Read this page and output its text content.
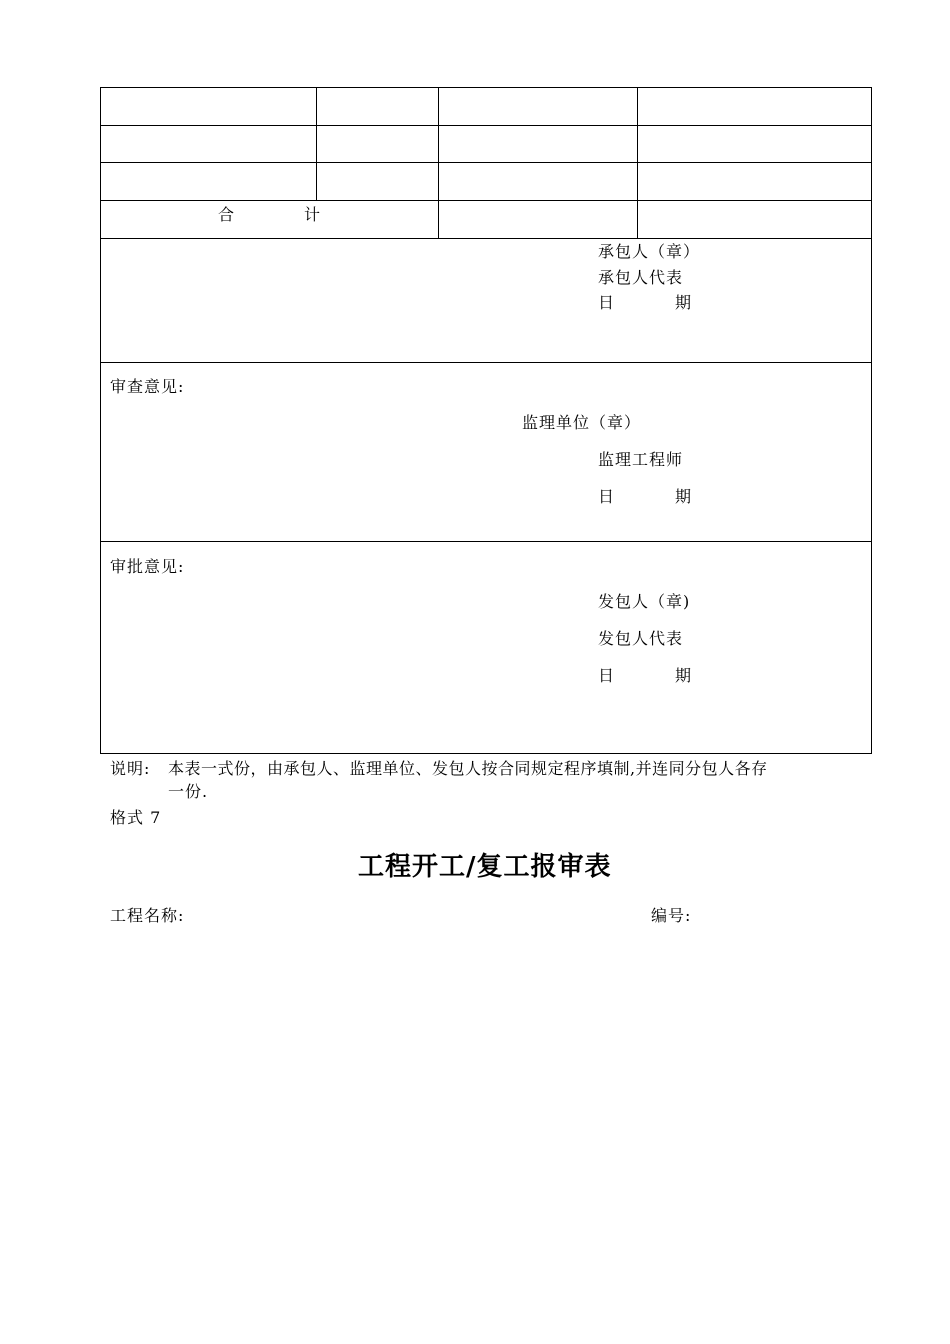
合	计
承包人（章）
承包人代表
日	期
审查意见:
监理单位（章）
监理工程师
日	期
审批意见:
发包人（章)
发包人代表
日	期
说明: 本表一式份，由承包人、监理单位、发包人按合同规定程序填制,并连同分包人各存
一份.
格式 7
工程开工/复工报审表
工程名称:	编号:
